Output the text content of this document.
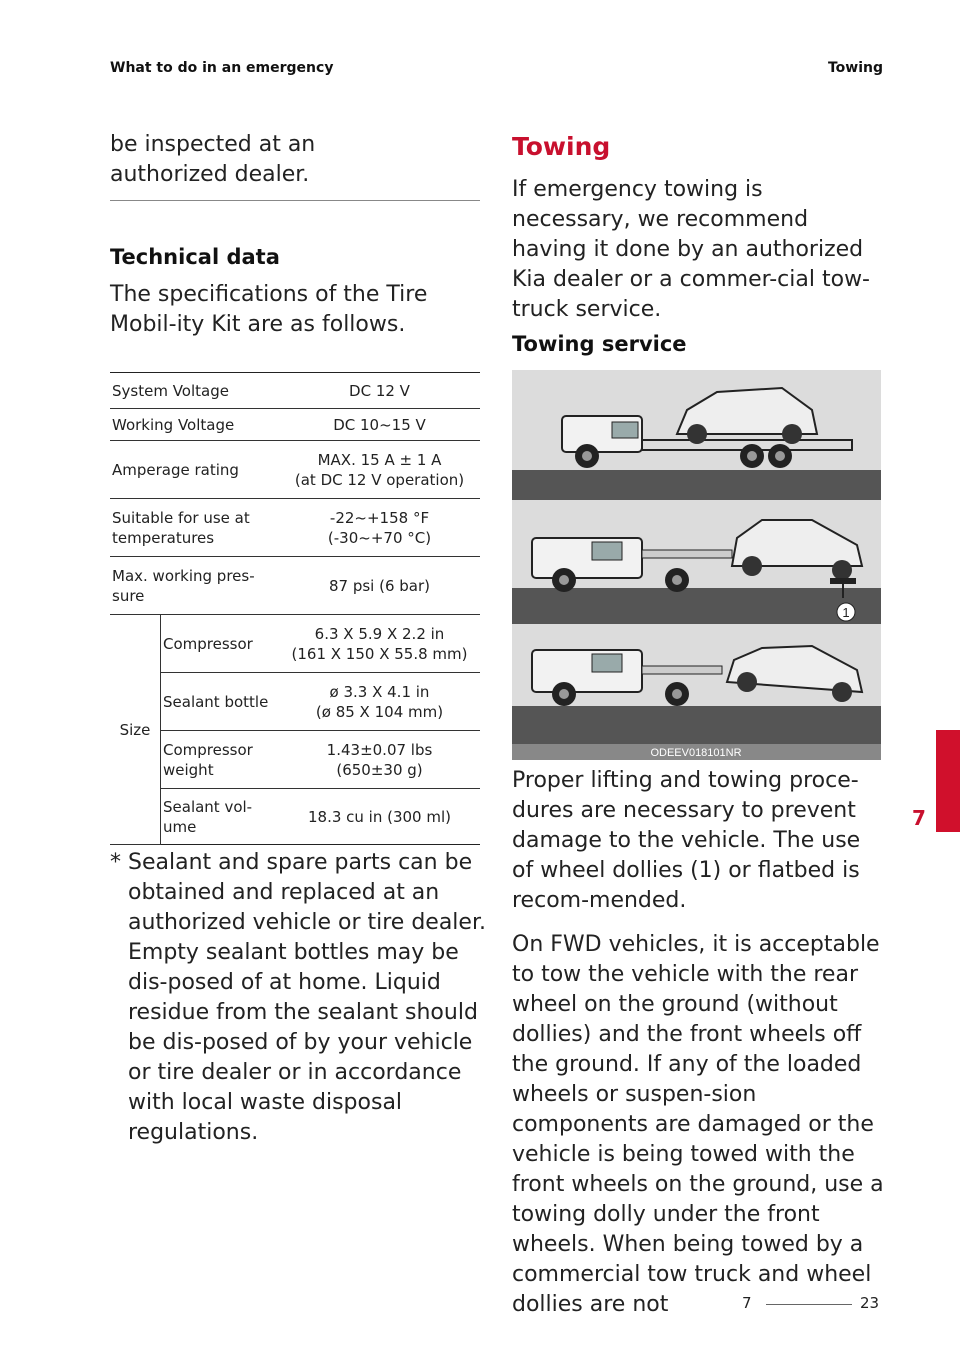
What to do in an emergency	Towing
be inspected at an authorized dealer.
Technical data
The specifications of the Tire Mobil-ity Kit are as follows.
System Voltage		DC 12 V
Working Voltage		DC 10~15 V
Amperage rating		MAX. 15 A ± 1 A
(at DC 12 V operation)
Suitable for use at
temperatures		-22~+158 °F
(-30~+70 °C)
Max. working pres-
sure		87 psi (6 bar)
Size	Compressor	6.3 X 5.9 X 2.2 in
(161 X 150 X 55.8 mm)
	Sealant bottle	ø 3.3 X 4.1 in
(ø 85 X 104 mm)
	Compressor
weight	1.43±0.07 lbs
(650±30 g)
	Sealant vol-
ume	18.3 cu in (300 ml)
* Sealant and spare parts can be obtained and replaced at an authorized vehicle or tire dealer. Empty sealant bottles may be dis-posed of at home. Liquid residue from the sealant should be dis-posed of by your vehicle or tire dealer or in accordance with local waste disposal regulations.
Towing
If emergency towing is necessary, we recommend having it done by an authorized Kia dealer or a commer-cial tow-truck service.
Towing service
1
ODEEV018101NR
Proper lifting and towing proce-dures are necessary to prevent damage to the vehicle. The use of wheel dollies (1) or flatbed is recom-mended.
On FWD vehicles, it is acceptable to tow the vehicle with the rear wheel on the ground (without dollies) and the front wheels off the ground. If any of the loaded wheels or suspen-sion components are damaged or the vehicle is being towed with the front wheels on the ground, use a towing dolly under the front wheels. When being towed by a commercial tow truck and wheel dollies are not
7
7	23
